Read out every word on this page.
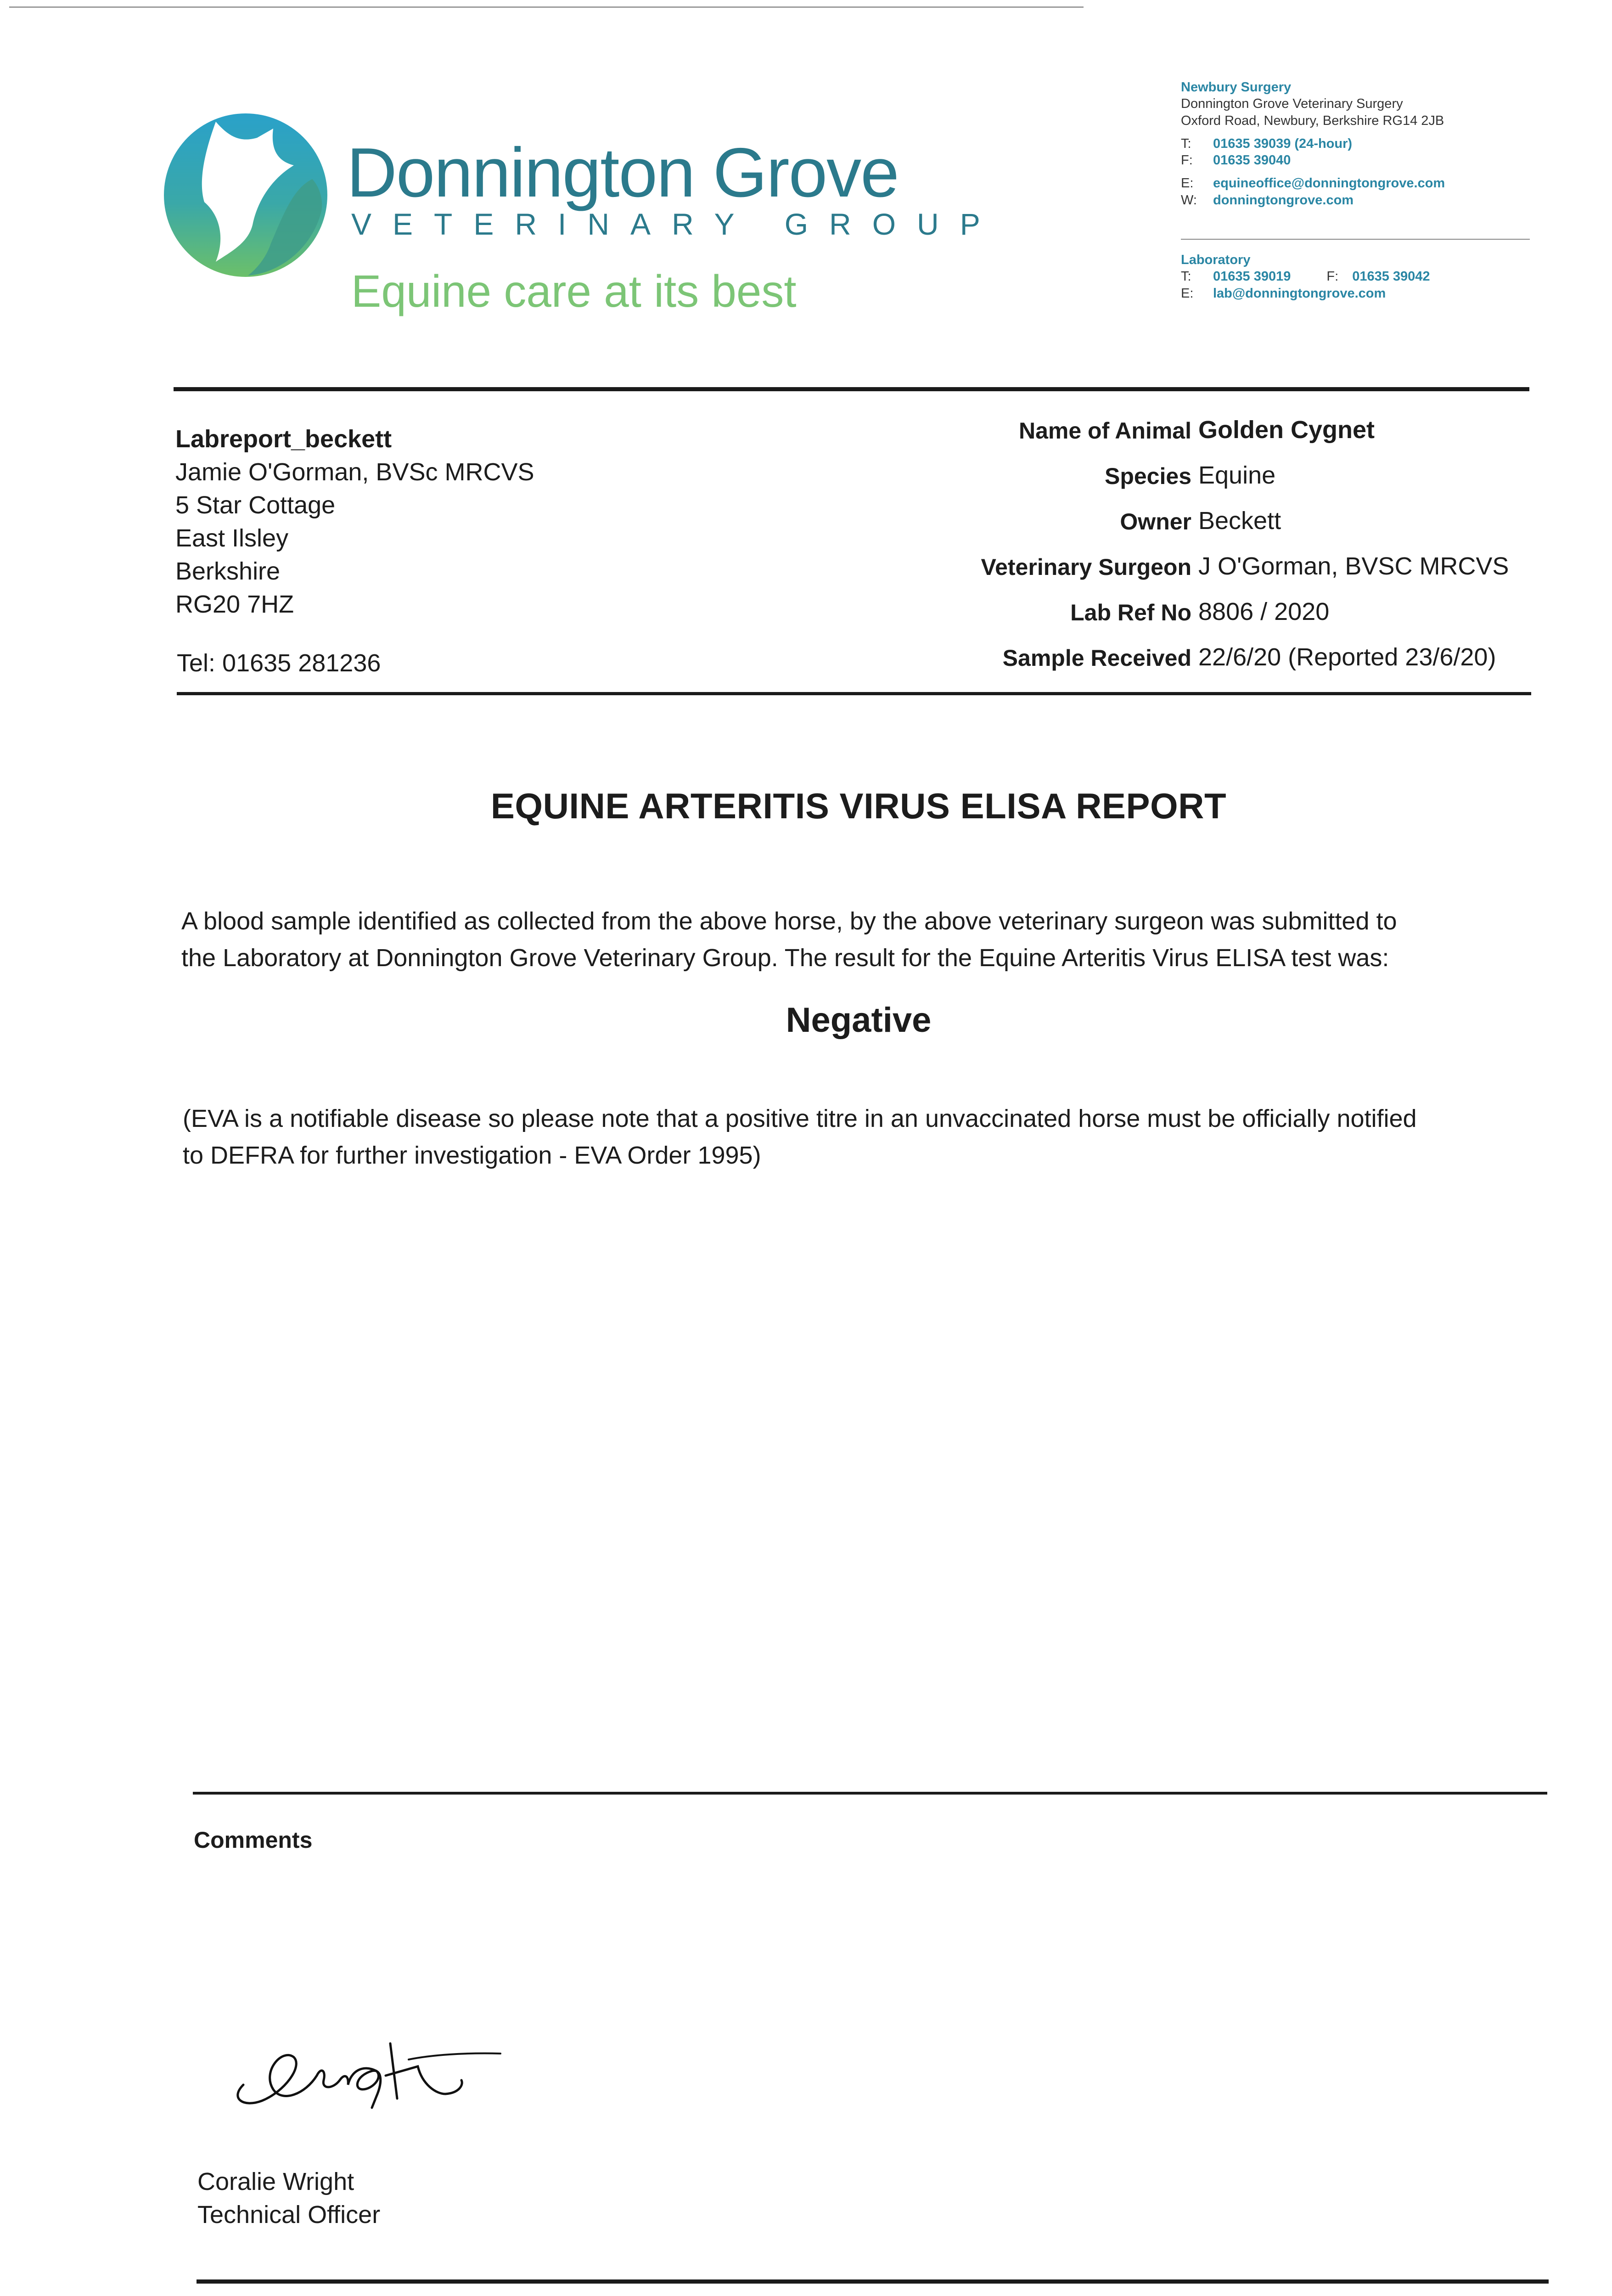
Donnington Grove
VETERINARY GROUP
Equine care at its best
Newbury Surgery
Donnington Grove Veterinary Surgery
Oxford Road, Newbury, Berkshire RG14 2JB
T: 01635 39039 (24-hour)
F: 01635 39040
E: equineoffice@donningtongrove.com
W: donningtongrove.com
Laboratory
T: 01635 39019	F: 01635 39042
E: lab@donningtongrove.com
Labreport_beckett
Jamie O'Gorman, BVSc MRCVS
5 Star Cottage
East Ilsley
Berkshire
RG20 7HZ
Tel: 01635 281236
Name of Animal Golden Cygnet
Species Equine
Owner Beckett
Veterinary Surgeon J O'Gorman, BVSC MRCVS
Lab Ref No 8806 / 2020
Sample Received 22/6/20 (Reported 23/6/20)
EQUINE ARTERITIS VIRUS ELISA REPORT
A blood sample identified as collected from the above horse, by the above veterinary surgeon was submitted to
the Laboratory at Donnington Grove Veterinary Group. The result for the Equine Arteritis Virus ELISA test was:
Negative
(EVA is a notifiable disease so please note that a positive titre in an unvaccinated horse must be officially notified
to DEFRA for further investigation - EVA Order 1995)
Comments
Coralie Wright
Technical Officer
